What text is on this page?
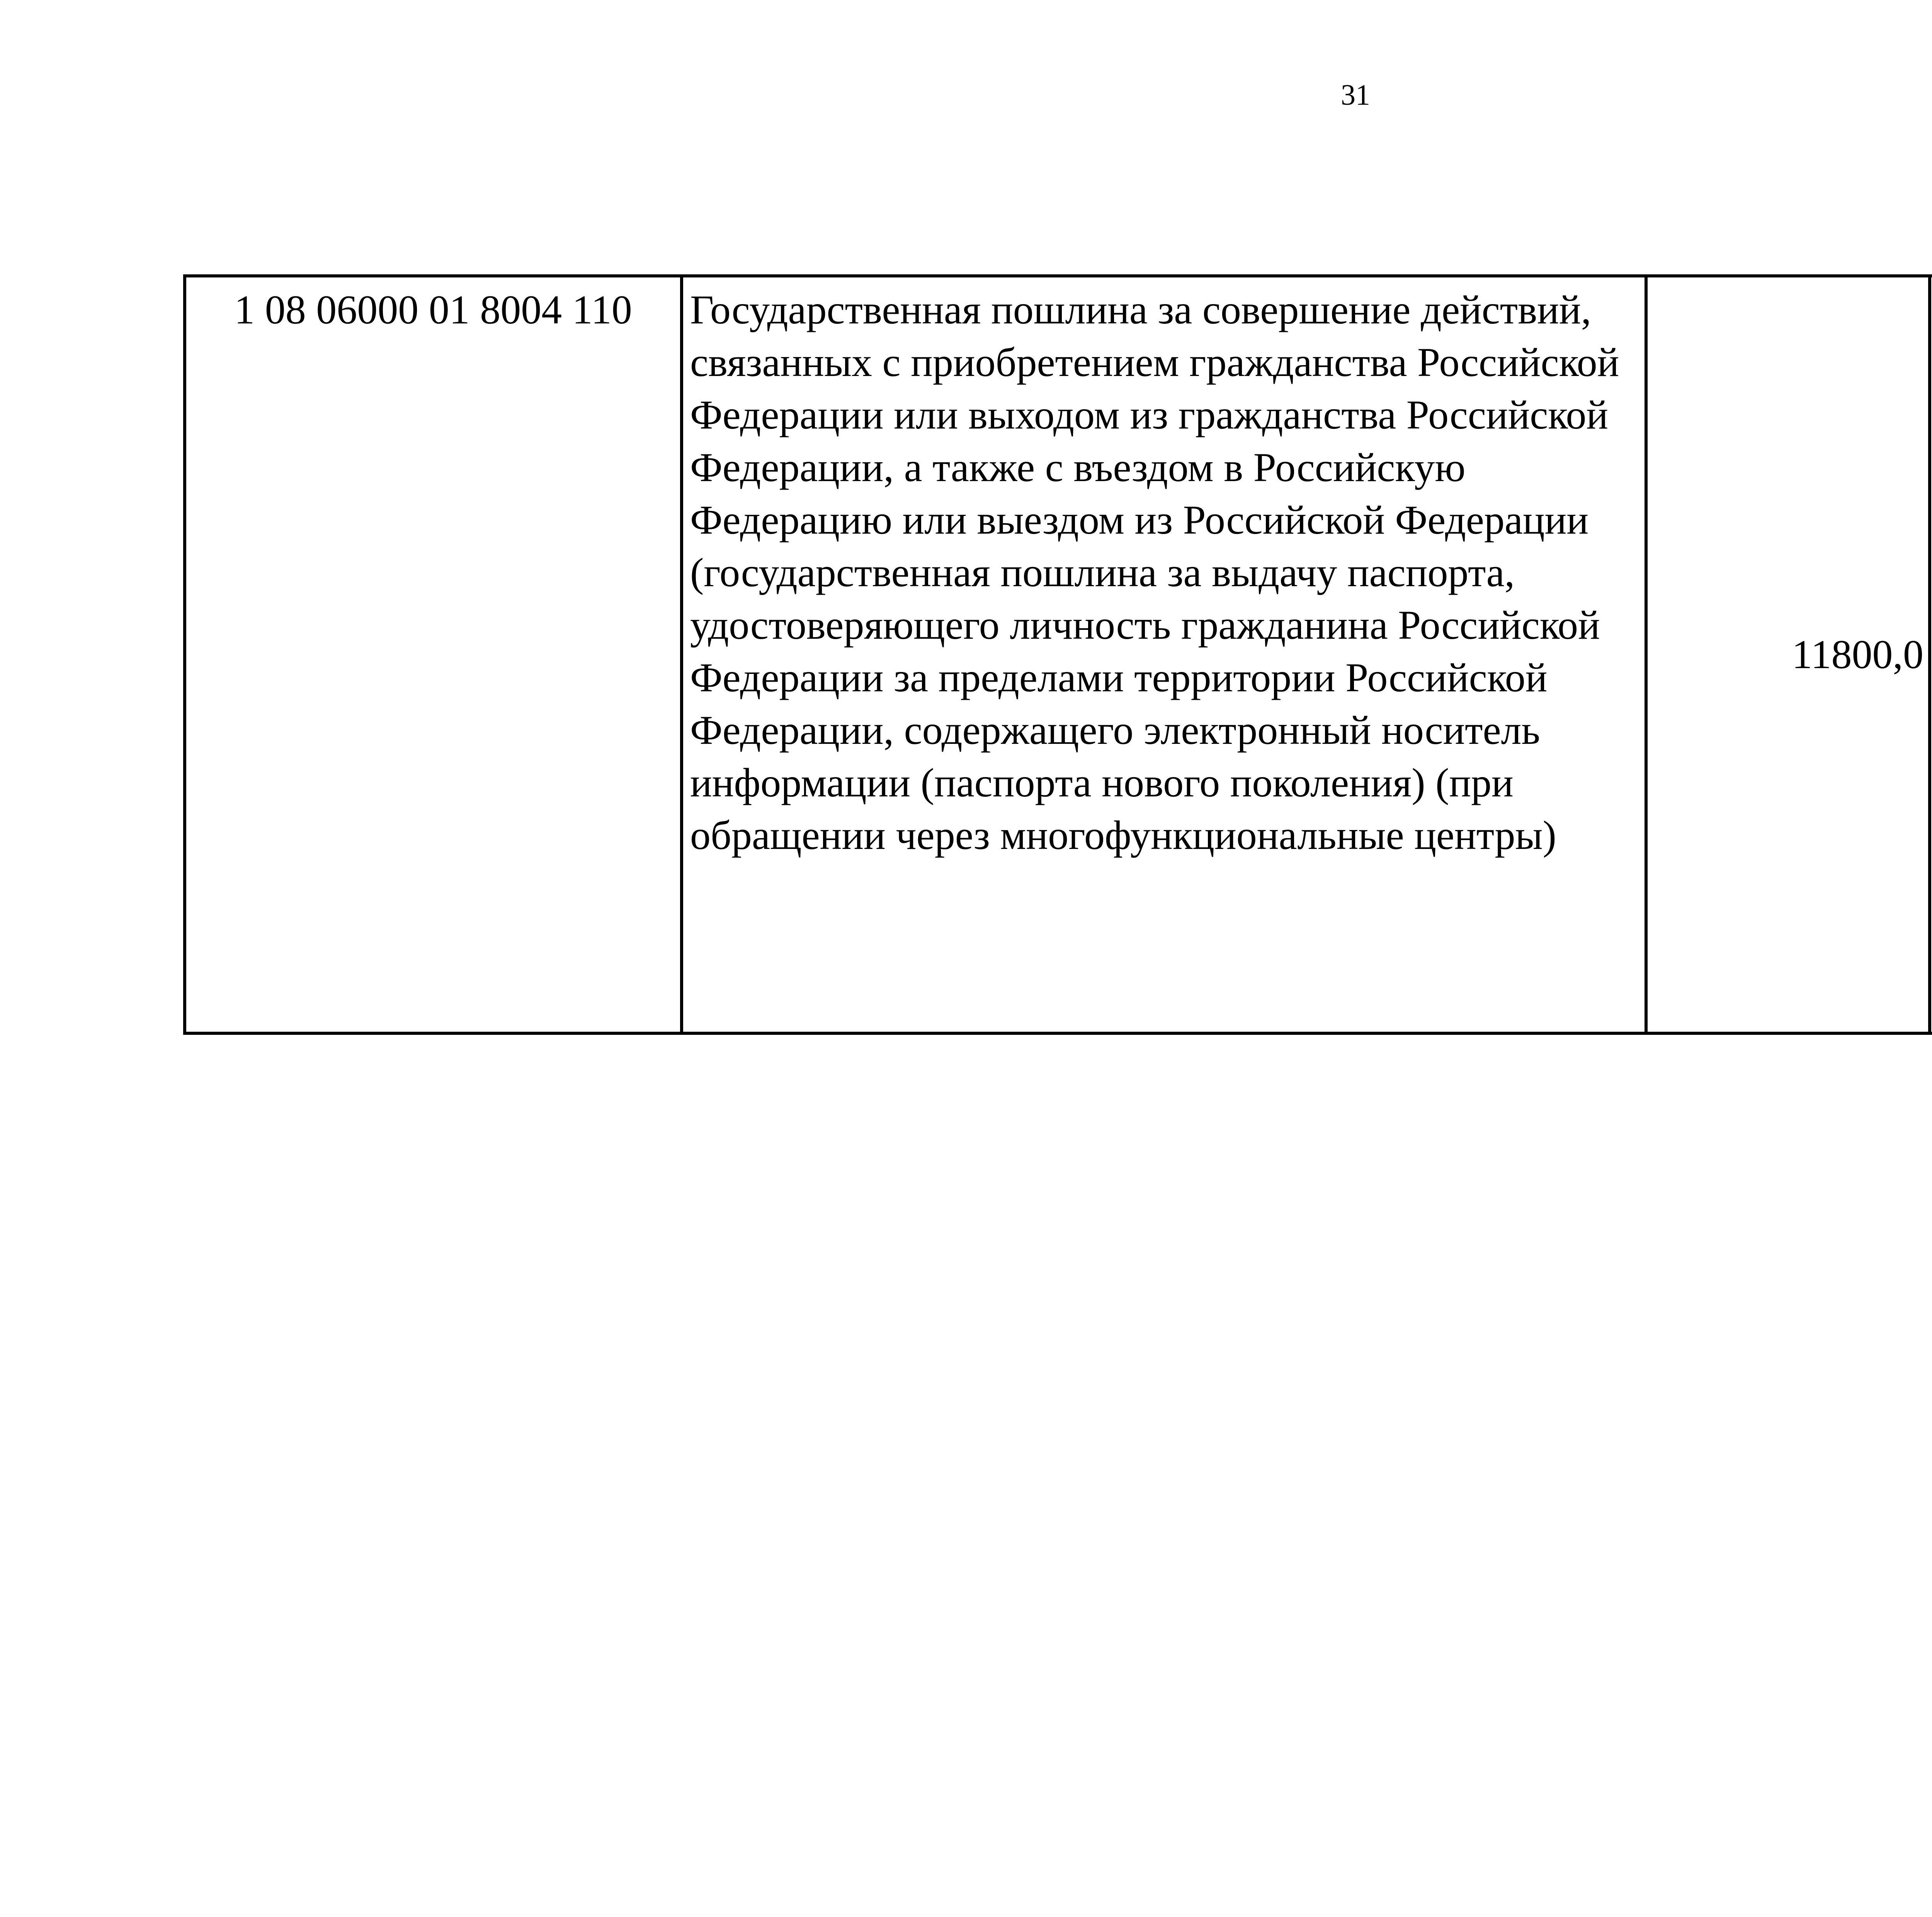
31
1 08 06000 01 8004 110	Государственная пошлина за совершение действий, связанных с приобретением гражданства Российской Федерации или выходом из гражданства Российской Федерации, а также с въездом в Российскую Федерацию или выездом из Российской Федерации (государственная пошлина за выдачу паспорта, удостоверяющего личность гражданина Российской Федерации за пределами территории Российской Федерации, содержащего электронный носитель информации (паспорта нового поколения) (при обращении через многофункциональные центры)	11800,0		
